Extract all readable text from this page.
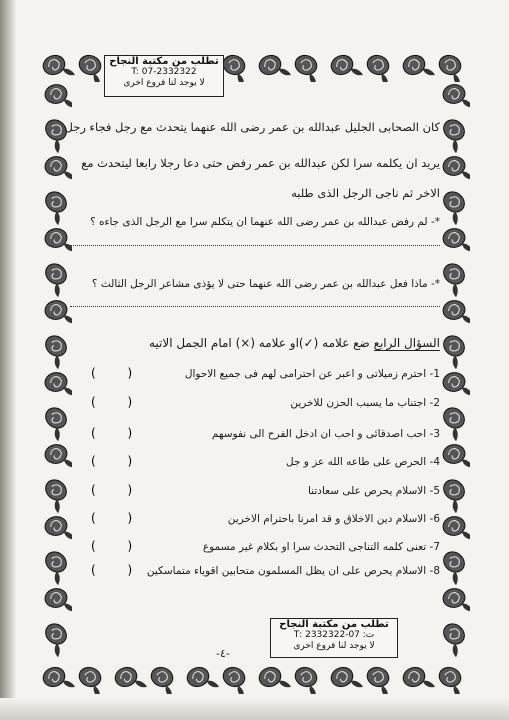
تطلب من مكتبة النجاح
T: 07-2332322
لا يوجد لنا فروع اخرى
كان الصحابى الجليل عبدالله بن عمر رضى الله عنهما يتحدث مع رجل فجاء رجل
يريد ان يكلمه سرا لكن عبدالله بن عمر رفض حتى دعا رجلا رابعا ليتحدث مع
الاخر ثم ناجى الرجل الذى طلبه
*- لم رفض عبدالله بن عمر رضى الله عنهما ان يتكلم سرا مع الرجل الذى جاءه ؟
*- ماذا فعل عبدالله بن عمر رضى الله عنهما حتى لا يؤذى مشاعر الرجل الثالث ؟
السؤال الرابع ضع علامه (✓)او علامه (×) امام الجمل الاتيه
1- احترم زميلاتى و اعبر عن احترامى لهم فى جميع الاحوال
2- اجتناب ما يسبب الحزن للاخرين
3- احب اصدقائى و احب ان ادخل الفرح الى نفوسهم
4- الحرص على طاعه الله عز و جل
5- الاسلام يحرص على سعادتنا
6- الاسلام دين الاخلاق و قد امرنا باحترام الاخرين
7- تعنى كلمه التناجى التحدث سرا او بكلام غير مسموع
8- الاسلام يحرص على ان يظل المسلمون متحابين اقوياء متماسكين
( )
( )
( )
( )
( )
( )
( )
( )
تطلب من مكتبة النجاح
ت: 07-2332322 :T
لا يوجد لنا فروع اخرى
-٤-
